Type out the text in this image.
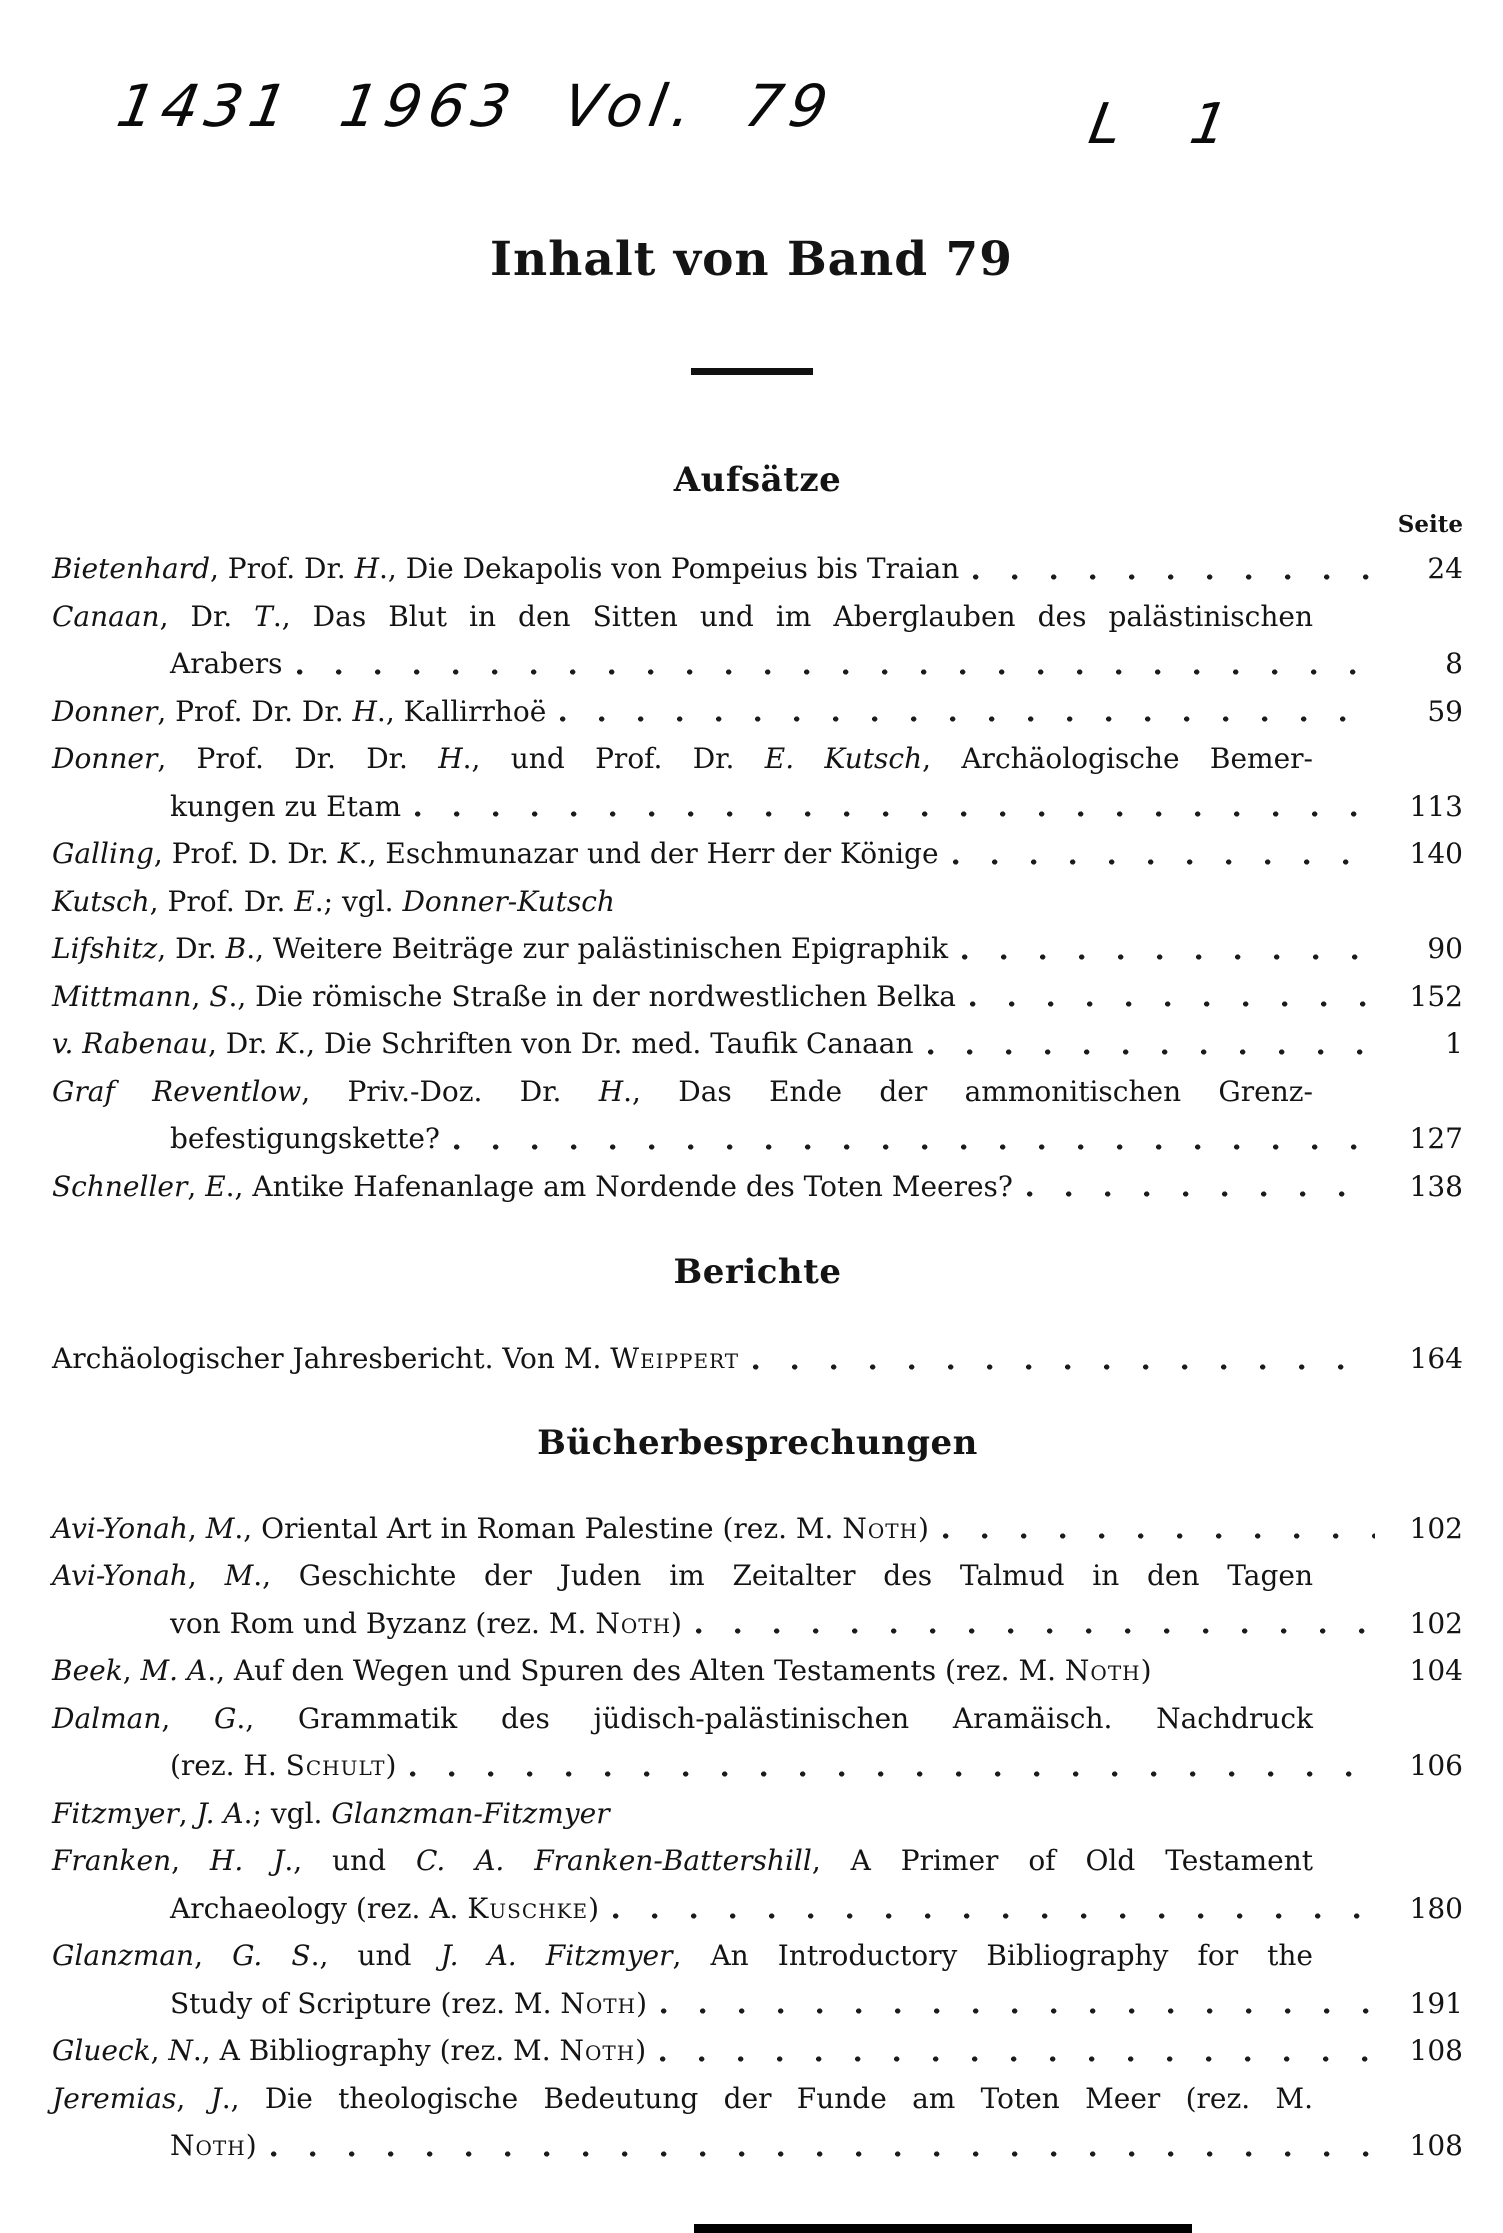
1431 1963 Vol. 79	L 1
Inhalt von Band 79
Aufsätze
Seite
Bietenhard, Prof. Dr. H., Die Dekapolis von Pompeius bis Traian	24
Canaan, Dr. T., Das Blut in den Sitten und im Aberglauben des palästinischen
Arabers	8
Donner, Prof. Dr. Dr. H., Kallirrhoë	59
Donner, Prof. Dr. Dr. H., und Prof. Dr. E. Kutsch, Archäologische Bemer-
kungen zu Etam	113
Galling, Prof. D. Dr. K., Eschmunazar und der Herr der Könige	140
Kutsch, Prof. Dr. E.; vgl. Donner-Kutsch
Lifshitz, Dr. B., Weitere Beiträge zur palästinischen Epigraphik	90
Mittmann, S., Die römische Straße in der nordwestlichen Belka	152
v. Rabenau, Dr. K., Die Schriften von Dr. med. Taufik Canaan	1
Graf Reventlow, Priv.-Doz. Dr. H., Das Ende der ammonitischen Grenz-
befestigungskette?	127
Schneller, E., Antike Hafenanlage am Nordende des Toten Meeres?	138
Berichte
Archäologischer Jahresbericht. Von M. Weippert	164
Bücherbesprechungen
Avi-Yonah, M., Oriental Art in Roman Palestine (rez. M. Noth)	102
Avi-Yonah, M., Geschichte der Juden im Zeitalter des Talmud in den Tagen
von Rom und Byzanz (rez. M. Noth)	102
Beek, M. A., Auf den Wegen und Spuren des Alten Testaments (rez. M. Noth)	104
Dalman, G., Grammatik des jüdisch-palästinischen Aramäisch. Nachdruck
(rez. H. Schult)	106
Fitzmyer, J. A.; vgl. Glanzman-Fitzmyer
Franken, H. J., und C. A. Franken-Battershill, A Primer of Old Testament
Archaeology (rez. A. Kuschke)	180
Glanzman, G. S., und J. A. Fitzmyer, An Introductory Bibliography for the
Study of Scripture (rez. M. Noth)	191
Glueck, N., A Bibliography (rez. M. Noth)	108
Jeremias, J., Die theologische Bedeutung der Funde am Toten Meer (rez. M.
Noth)	108
